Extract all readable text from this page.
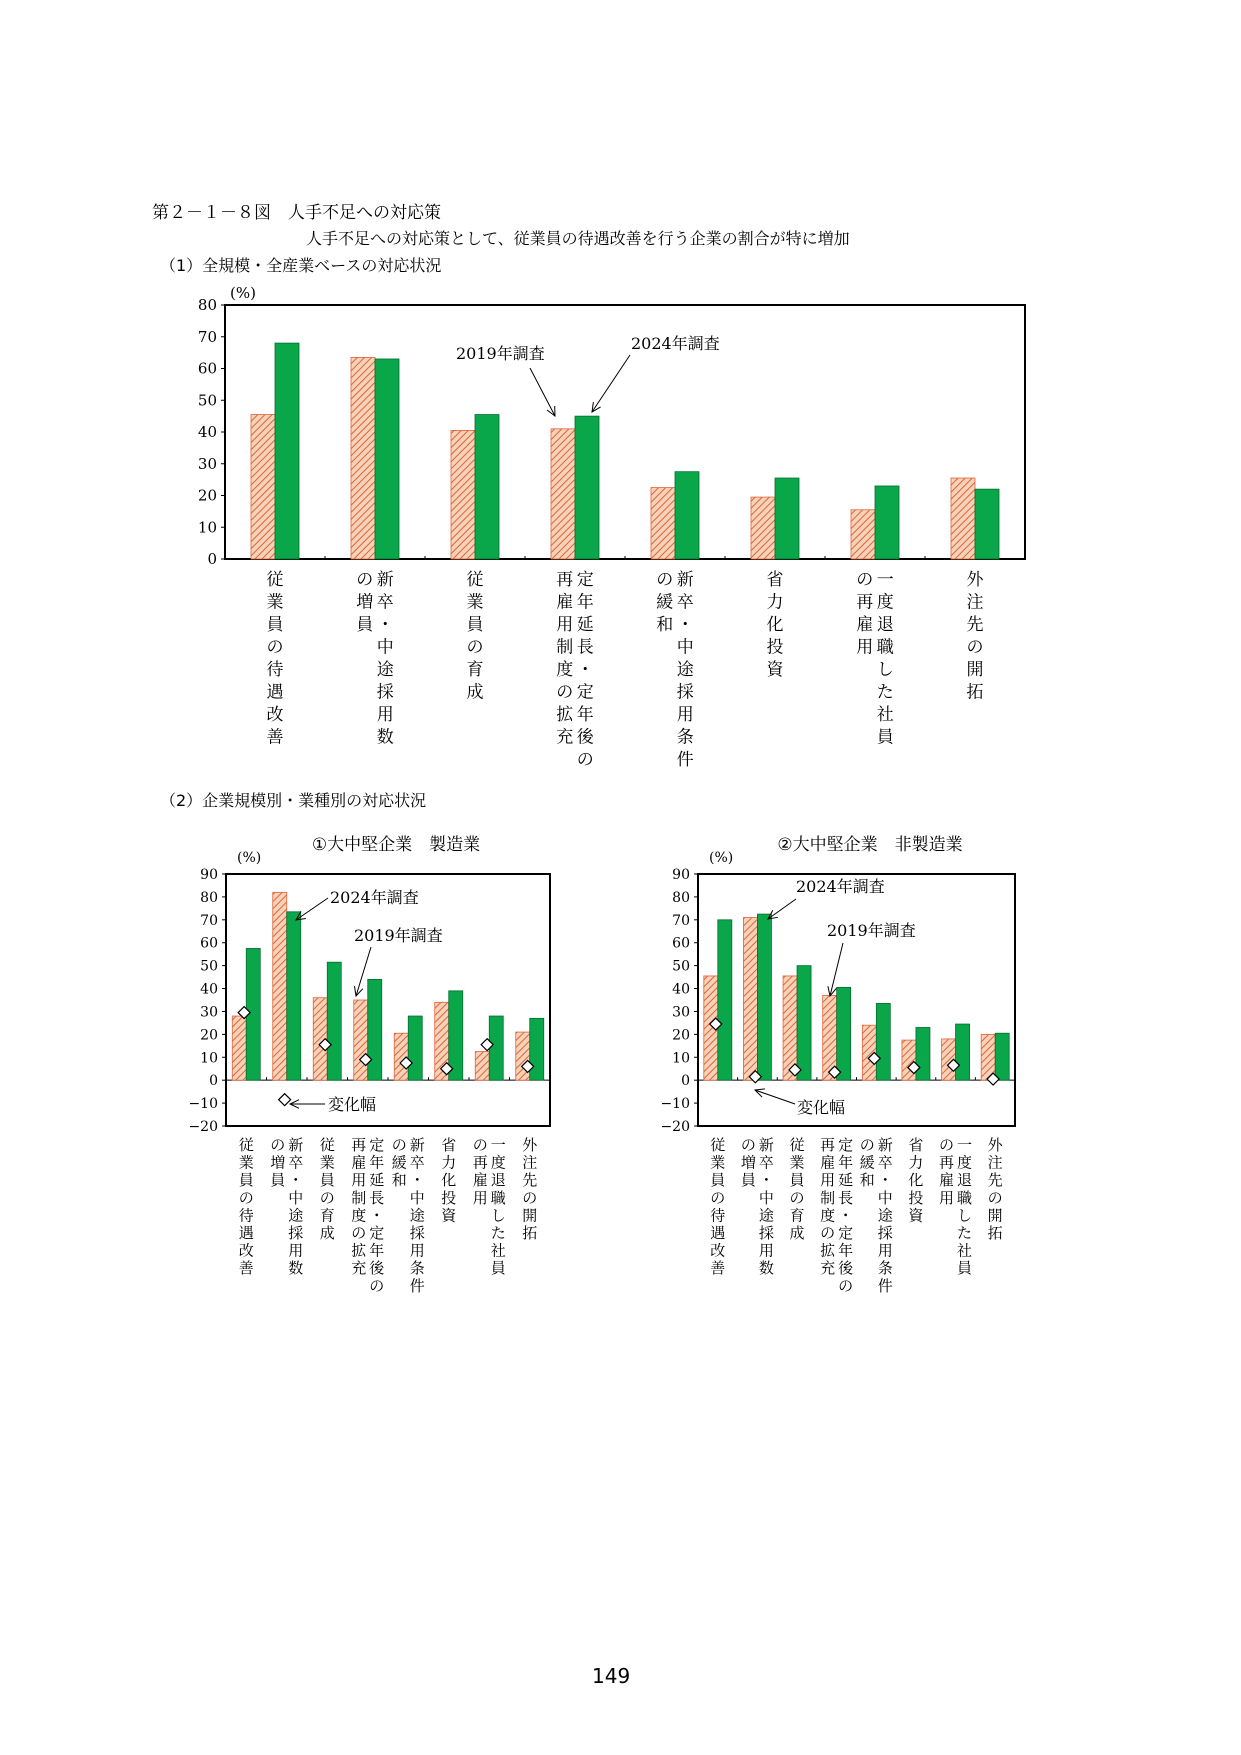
第２－１－８図　人手不足への対応策
人手不足への対応策として、従業員の待遇改善を行う企業の割合が特に増加
（1）全規模・全産業ベースの対応状況
（2）企業規模別・業種別の対応状況
149
0
10
20
30
40
50
60
70
80
(%)
従
業
員
の
待
遇
改
善
新
卒
・
中
途
採
用
数
の
増
員
従
業
員
の
育
成
定
年
延
長
・
定
年
後
の
再
雇
用
制
度
の
拡
充
新
卒
・
中
途
採
用
条
件
の
緩
和
省
力
化
投
資
一
度
退
職
し
た
社
員
の
再
雇
用
外
注
先
の
開
拓
2019年調査
2024年調査
−20
−10
0
10
20
30
40
50
60
70
80
90
(%)
①大中堅企業　製造業
従
業
員
の
待
遇
改
善
新
卒
･
中
途
採
用
数
の
増
員
従
業
員
の
育
成
定
年
延
長
･
定
年
後
の
再
雇
用
制
度
の
拡
充
新
卒
･
中
途
採
用
条
件
の
緩
和
省
力
化
投
資
一
度
退
職
し
た
社
員
の
再
雇
用
外
注
先
の
開
拓
2024年調査
2019年調査
変化幅
−20
−10
0
10
20
30
40
50
60
70
80
90
(%)
②大中堅企業　非製造業
従
業
員
の
待
遇
改
善
新
卒
･
中
途
採
用
数
の
増
員
従
業
員
の
育
成
定
年
延
長
･
定
年
後
の
再
雇
用
制
度
の
拡
充
新
卒
･
中
途
採
用
条
件
の
緩
和
省
力
化
投
資
一
度
退
職
し
た
社
員
の
再
雇
用
外
注
先
の
開
拓
2024年調査
2019年調査
変化幅
